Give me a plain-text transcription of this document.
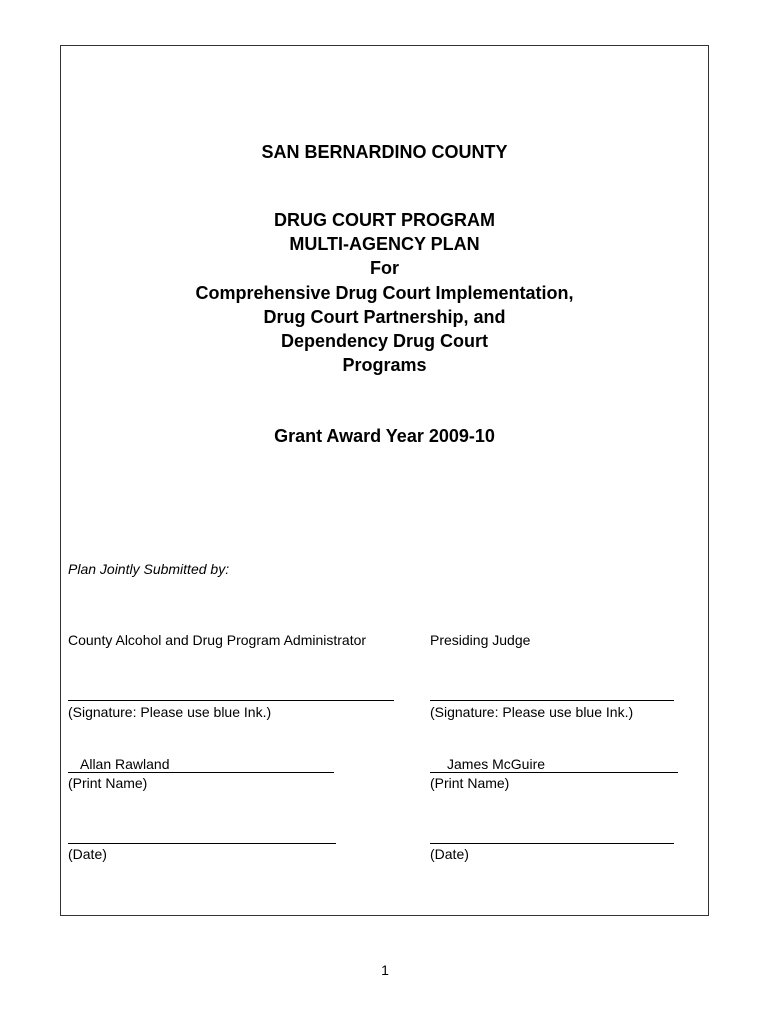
SAN BERNARDINO COUNTY
DRUG COURT PROGRAM
MULTI-AGENCY PLAN
For
Comprehensive Drug Court Implementation,
Drug Court Partnership, and
Dependency Drug Court
Programs
Grant Award Year 2009-10
Plan Jointly Submitted by:
County Alcohol and Drug Program Administrator
(Signature: Please use blue Ink.)
Allan Rawland
(Print Name)
(Date)
Presiding Judge
(Signature: Please use blue Ink.)
James McGuire
(Print Name)
(Date)
1
